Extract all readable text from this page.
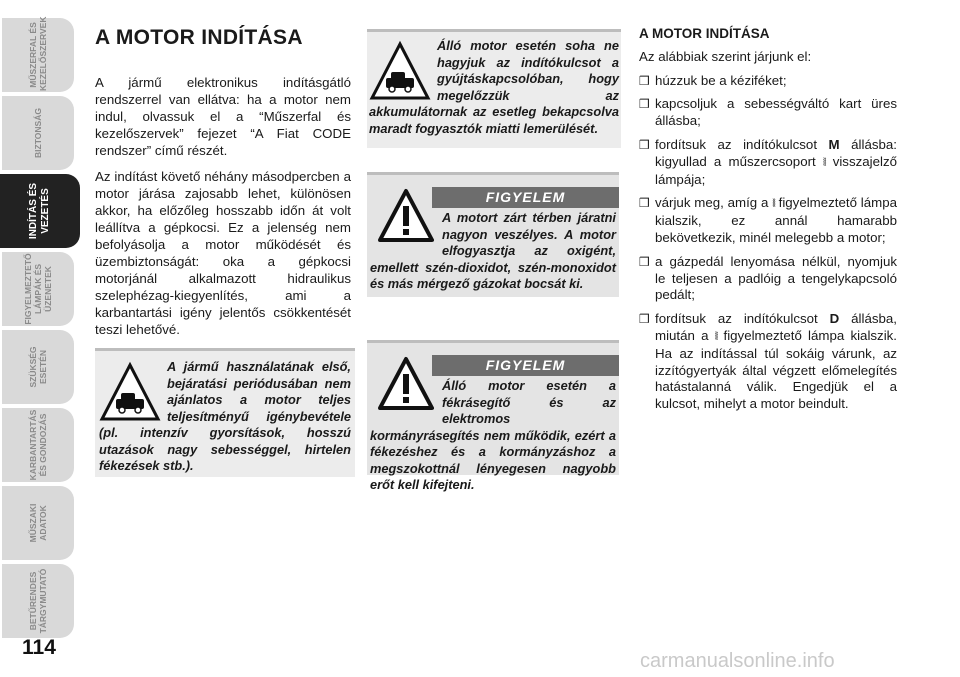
MŰSZERFAL ÉS
KEZELŐSZERVEK
BIZTONSÁG
INDÍTÁS ÉS
VEZETÉS
FIGYELMEZTETŐ
LÁMPÁK ÉS
ÜZENETEK
SZÜKSÉG
ESETÉN
KARBANTARTÁS
ÉS GONDOZÁS
MŰSZAKI
ADATOK
BETŰRENDES
TÁRGYMUTATÓ
114
A MOTOR INDÍTÁSA

A jármű elektronikus indításgátló rendszerrel van ellátva: ha a motor nem indul, olvassuk el a “Műszerfal és kezelőszervek” fejezet “A Fiat CODE rendszer” című részét.

Az indítást követő néhány másodpercben a motor járása zajosabb lehet, különösen akkor, ha előzőleg hosszabb időn át volt leállítva a gépkocsi. Ez a jelenség nem befolyásolja a motor működését és üzembiztonságát: oka a gépkocsi motorjánál alkalmazott hidraulikus szelephézag-kiegyenlítés, ami a karbantartási igény jelentős csökkentését teszi lehetővé.

A jármű használatának első, bejáratási periódusában nem ajánlatos a motor teljes teljesítményű igénybevétele (pl. intenzív gyorsítások, hosszú utazások nagy sebességgel, hirtelen fékezések stb.).

Álló motor esetén soha ne hagyjuk az indítókulcsot a gyújtáskapcsolóban, hogy megelőzzük az akkumulátornak az esetleg bekapcsolva maradt fogyasztók miatti lemerülését.

FIGYELEM
A motort zárt térben járatni nagyon veszélyes. A motor elfogyasztja az oxigént, emellett szén-dioxidot, szén-monoxidot és más mérgező gázokat bocsát ki.
FIGYELEM
Álló motor esetén a fékrásegítő és az elektromos kormányrásegítés nem működik, ezért a fékezéshez és a kormányzáshoz a megszokottnál lényegesen nagyobb erőt kell kifejteni.
A MOTOR INDÍTÁSA
Az alábbiak szerint járjunk el:
❒ húzzuk be a kéziféket;
❒ kapcsoljuk a sebességváltó kart üres állásba;
❒ fordítsuk az indítókulcsot M állásba: kigyullad a műszercsoport ⦚⦚ visszajelző lámpája;
❒ várjuk meg, amíg a ⦚⦚ figyelmeztető lámpa kialszik, ez annál hamarabb bekövetkezik, minél melegebb a motor;
❒ a gázpedál lenyomása nélkül, nyomjuk le teljesen a padlóig a tengelykapcsoló pedált;
❒ fordítsuk az indítókulcsot D állásba, miután a ⦚⦚ figyelmeztető lámpa kialszik. Ha az indítással túl sokáig várunk, az izzítógyertyák által végzett előmelegítés hatástalanná válik. Engedjük el a kulcsot, mihelyt a motor beindult.
carmanualsonline.info
